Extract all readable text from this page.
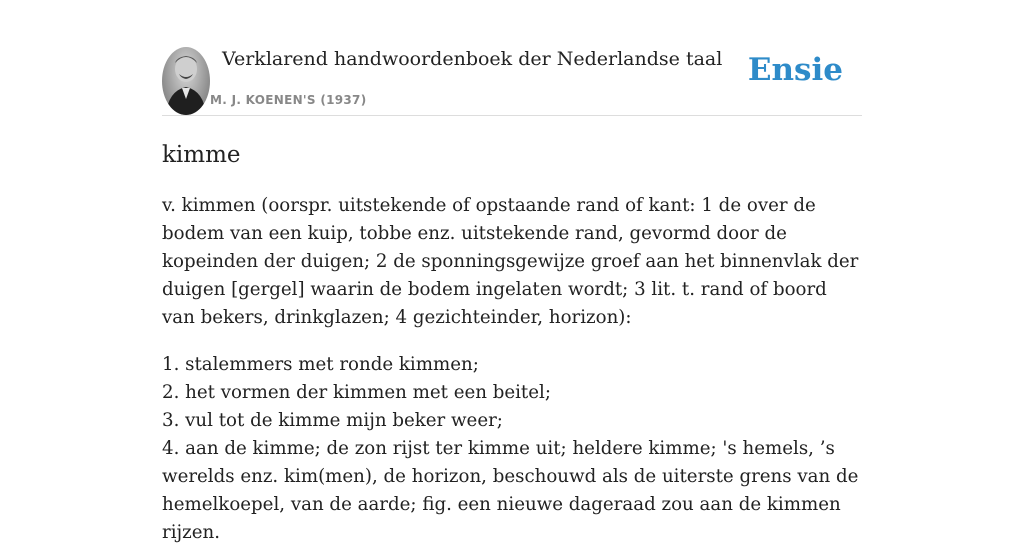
Verklarend handwoordenboek der Nederlandse taal
M. J. KOENEN'S (1937)
Ensie
kimme

v. kimmen (oorspr. uitstekende of opstaande rand of kant: 1 de over de bodem van een kuip, tobbe enz. uitstekende rand, gevormd door de kopeinden der duigen; 2 de sponningsgewijze groef aan het binnenvlak der duigen [gergel] waarin de bodem ingelaten wordt; 3 lit. t. rand of boord van bekers, drinkglazen; 4 gezichteinder, horizon):

1. stalemmers met ronde kimmen;
2. het vormen der kimmen met een beitel;
3. vul tot de kimme mijn beker weer;
4. aan de kimme; de zon rijst ter kimme uit; heldere kimme; 's hemels, ’s werelds enz. kim(men), de horizon, beschouwd als de uiterste grens van de hemelkoepel, van de aarde; fig. een nieuwe dageraad zou aan de kimmen rijzen.
